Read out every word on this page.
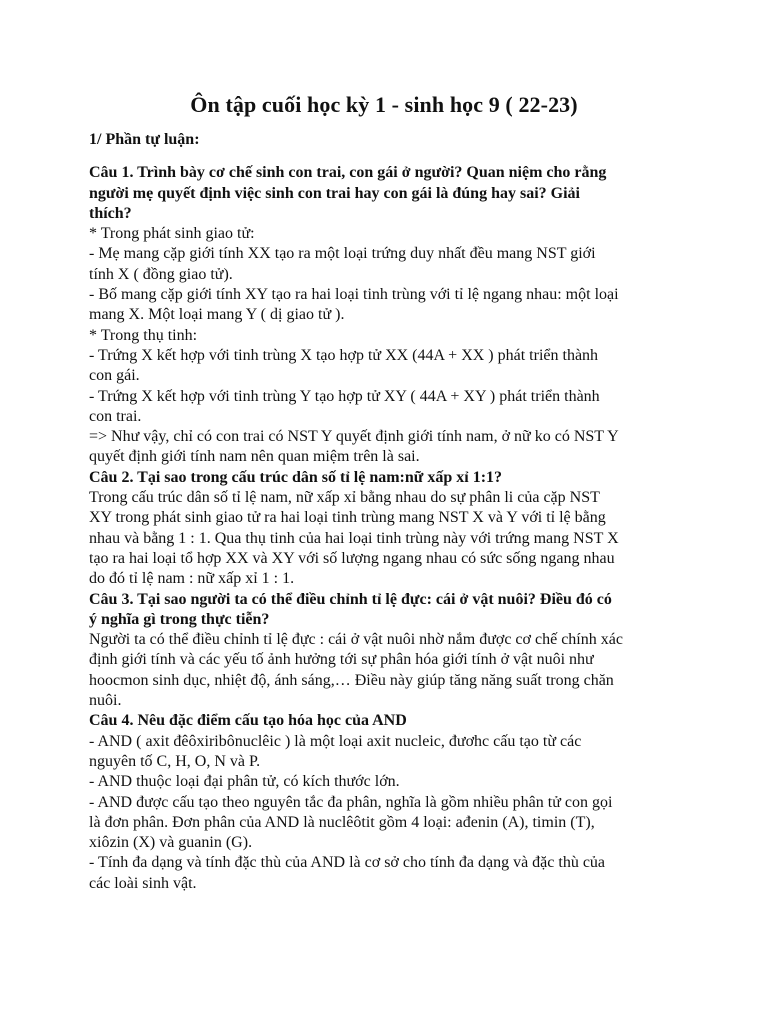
Ôn tập cuối học kỳ 1 - sinh học 9 ( 22-23)

1/ Phần tự luận:

Câu 1. Trình bày cơ chế sinh con trai, con gái ở người? Quan niệm cho rằng

người mẹ quyết định việc sinh con trai hay con gái là đúng hay sai? Giải

thích?

* Trong phát sinh giao tử:

- Mẹ mang cặp giới tính XX tạo ra một loại trứng duy nhất đều mang NST giới

tính X ( đồng giao tử).

- Bố mang cặp giới tính XY tạo ra hai loại tinh trùng với tỉ lệ ngang nhau: một loại

mang X. Một loại mang Y ( dị giao tử ).

* Trong thụ tinh:

- Trứng X kết hợp với tinh trùng X tạo hợp tử XX (44A + XX ) phát triển thành

con gái.

- Trứng X kết hợp với tinh trùng Y tạo hợp tử XY ( 44A + XY ) phát triển thành

con trai.

=> Như vậy, chỉ có con trai có NST Y quyết định giới tính nam, ở nữ ko có NST Y

quyết định giới tính nam nên quan miệm trên là sai.

Câu 2. Tại sao trong cấu trúc dân số tỉ lệ nam:nữ xấp xỉ 1:1?

Trong cấu trúc dân số tỉ lệ nam, nữ xấp xỉ bằng nhau do sự phân li của cặp NST

XY trong phát sinh giao tử ra hai loại tinh trùng mang NST X và Y với tỉ lệ bằng

nhau và bằng 1 : 1. Qua thụ tinh của hai loại tinh trùng này với trứng mang NST X

tạo ra hai loại tổ hợp XX và XY với số lượng ngang nhau có sức sống ngang nhau

do đó tỉ lệ nam : nữ xấp xỉ 1 : 1.

Câu 3. Tại sao người ta có thể điều chỉnh tỉ lệ đực: cái ở vật nuôi? Điều đó có

ý nghĩa gì trong thực tiễn?

Người ta có thể điều chỉnh tỉ lệ đực : cái ở vật nuôi nhờ nắm được cơ chế chính xác

định giới tính và các yếu tố ảnh hưởng tới sự phân hóa giới tính ở vật nuôi như

hoocmon sinh dục, nhiệt độ, ánh sáng,… Điều này giúp tăng năng suất trong chăn

nuôi.

Câu 4. Nêu đặc điểm cấu tạo hóa học của AND

- AND ( axit đêôxiribônuclêic ) là một loại axit nucleic, đươhc cấu tạo từ các

nguyên tố C, H, O, N và P.

- AND thuộc loại đại phân tử, có kích thước lớn.

- AND được cấu tạo theo nguyên tắc đa phân, nghĩa là gồm nhiều phân tử con gọi

là đơn phân. Đơn phân của AND là nuclêôtit gồm 4 loại: ađenin (A), timin (T),

xiôzin (X) và guanin (G).

- Tính đa dạng và tính đặc thù của AND là cơ sở cho tính đa dạng và đặc thù của

các loài sinh vật.
